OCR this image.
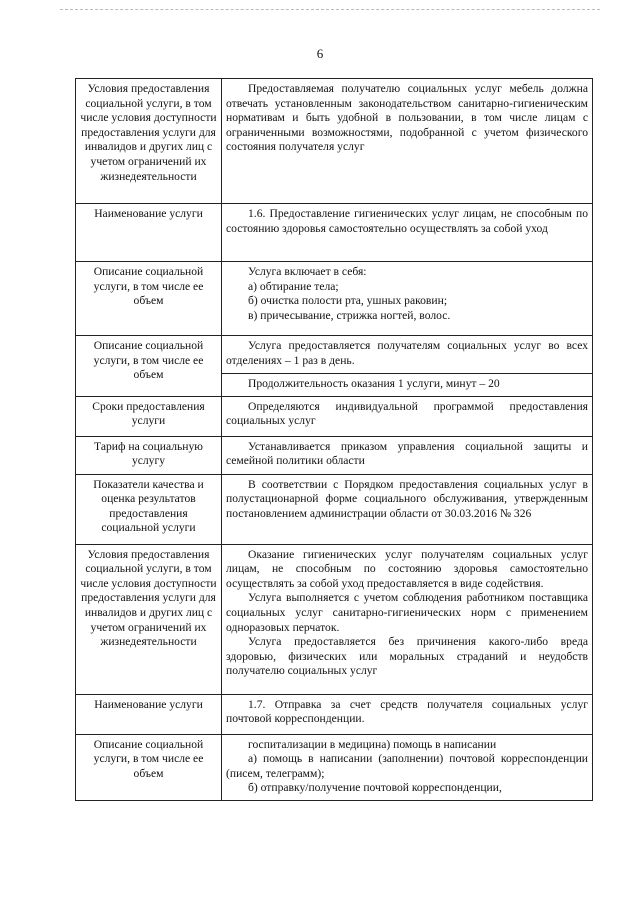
6
Условия предоставления социальной услуги, в том числе условия доступности предоставления услуги для инвалидов и других лиц с учетом ограничений их жизнедеятельности	Предоставляемая получателю социальных услуг мебель должна отвечать установленным законодательством санитарно-гигиеническим нормативам и быть удобной в пользовании, в том числе лицам с ограниченными возможностями, подобранной с учетом физического состояния получателя услуг
Наименование услуги	1.6. Предоставление гигиенических услуг лицам, не способным по состоянию здоровья самостоятельно осуществлять за собой уход
Описание социальной услуги, в том числе ее объем	Услуга включает в себя:
а) обтирание тела;
б) очистка полости рта, ушных раковин;
в) причесывание, стрижка ногтей, волос.

Описание социальной услуги, в том числе ее объем	Услуга предоставляется получателям социальных услуг во всех отделениях – 1 раз в день.
	Продолжительность оказания 1 услуги, минут – 20
Сроки предоставления услуги	Определяются индивидуальной программой предоставления социальных услуг
Тариф на социальную услугу	Устанавливается приказом управления социальной защиты и семейной политики области
Показатели качества и оценка результатов предоставления социальной услуги	В соответствии с Порядком предоставления социальных услуг в полустационарной форме социального обслуживания, утвержденным постановлением администрации области от 30.03.2016 № 326
Условия предоставления социальной услуги, в том числе условия доступности предоставления услуги для инвалидов и других лиц с учетом ограничений их жизнедеятельности	Оказание гигиенических услуг получателям социальных услуг лицам, не способным по состоянию здоровья самостоятельно осуществлять за собой уход предоставляется в виде содействия.
Услуга выполняется с учетом соблюдения работником поставщика социальных услуг санитарно-гигиенических норм с применением одноразовых перчаток.
Услуга предоставляется без причинения какого-либо вреда здоровью, физических или моральных страданий и неудобств получателю социальных услуг

Наименование услуги	1.7. Отправка за счет средств получателя социальных услуг почтовой корреспонденции.
Описание социальной услуги, в том числе ее объем	госпитализации в медицина) помощь в написании
а) помощь в написании (заполнении) почтовой корреспонденции (писем, телеграмм);
б) отправку/получение почтовой корреспонденции,
